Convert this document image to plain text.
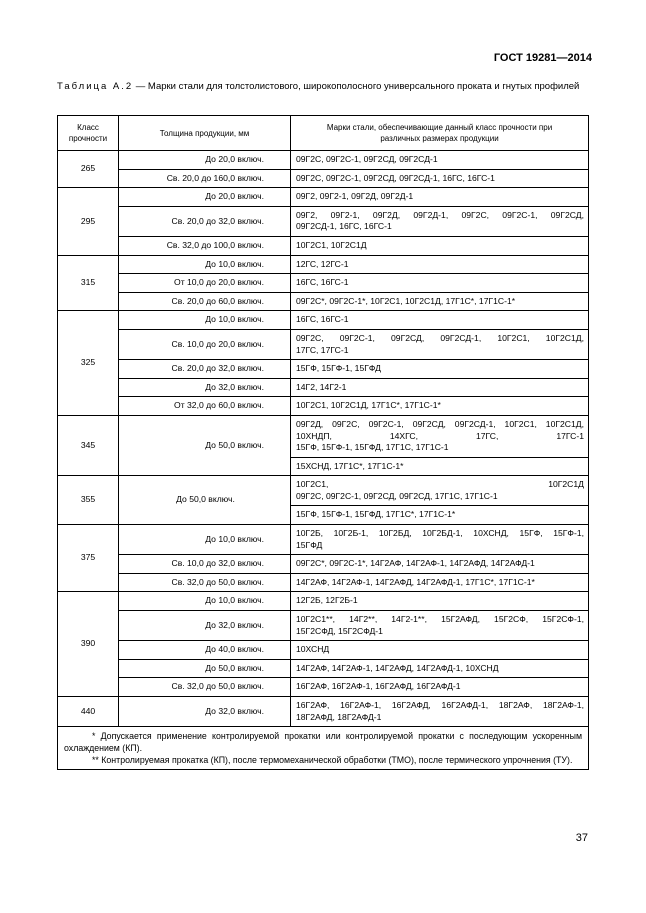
ГОСТ 19281—2014
Таблица А.2 — Марки стали для толстолистового, широкополосного универсального проката и гнутых профилей
Класс прочности	Толщина продукции, мм	Марки стали, обеспечивающие данный класс прочности при различных размерах продукции
265	До 20,0 включ.	09Г2С, 09Г2С-1, 09Г2СД, 09Г2СД-1

	Св. 20,0 до 160,0 включ.	09Г2С, 09Г2С-1, 09Г2СД, 09Г2СД-1, 16ГС, 16ГС-1

295	До 20,0 включ.	09Г2, 09Г2-1, 09Г2Д, 09Г2Д-1

	Св. 20,0 до 32,0 включ.	09Г2, 09Г2-1, 09Г2Д, 09Г2Д-1, 09Г2С, 09Г2С-1, 09Г2СД,
09Г2СД-1, 16ГС, 16ГС-1

	Св. 32,0 до 100,0 включ.	10Г2С1, 10Г2С1Д

315	До 10,0 включ.	12ГС, 12ГС-1

	От 10,0 до 20,0 включ.	16ГС, 16ГС-1

	Св. 20,0 до 60,0 включ.	09Г2С*, 09Г2С-1*, 10Г2С1, 10Г2С1Д, 17Г1С*, 17Г1С-1*

325	До 10,0 включ.	16ГС, 16ГС-1

	Св. 10,0 до 20,0 включ.	09Г2С, 09Г2С-1, 09Г2СД, 09Г2СД-1, 10Г2С1, 10Г2С1Д,
17ГС, 17ГС-1

	Св. 20,0 до 32,0 включ.	15ГФ, 15ГФ-1, 15ГФД

	До 32,0 включ.	14Г2, 14Г2-1

	От 32,0 до 60,0 включ.	10Г2С1, 10Г2С1Д, 17Г1С*, 17Г1С-1*

345	До 50,0 включ.	09Г2Д, 09Г2С, 09Г2С-1, 09Г2СД, 09Г2СД-1, 10Г2С1, 10Г2С1Д,
10ХНДП, 14ХГС, 17ГС, 17ГС-1
15ГФ, 15ГФ-1, 15ГФД, 17Г1С, 17Г1С-1

		15ХСНД, 17Г1С*, 17Г1С-1*

355	До 50,0 включ.	10Г2С1, 10Г2С1Д
09Г2С, 09Г2С-1, 09Г2СД, 09Г2СД, 17Г1С, 17Г1С-1

		15ГФ, 15ГФ-1, 15ГФД, 17Г1С*, 17Г1С-1*

375	До 10,0 включ.	10Г2Б, 10Г2Б-1, 10Г2БД, 10Г2БД-1, 10ХСНД, 15ГФ, 15ГФ-1,
15ГФД

	Св. 10,0 до 32,0 включ.	09Г2С*, 09Г2С-1*, 14Г2АФ, 14Г2АФ-1, 14Г2АФД, 14Г2АФД-1

	Св. 32,0 до 50,0 включ.	14Г2АФ, 14Г2АФ-1, 14Г2АФД, 14Г2АФД-1, 17Г1С*, 17Г1С-1*

390	До 10,0 включ.	12Г2Б, 12Г2Б-1

	До 32,0 включ.	10Г2С1**, 14Г2**, 14Г2-1**, 15Г2АФД, 15Г2СФ, 15Г2СФ-1,
15Г2СФД, 15Г2СФД-1

	До 40,0 включ.	10ХСНД

	До 50,0 включ.	14Г2АФ, 14Г2АФ-1, 14Г2АФД, 14Г2АФД-1, 10ХСНД

	Св. 32,0 до 50,0 включ.	16Г2АФ, 16Г2АФ-1, 16Г2АФД, 16Г2АФД-1

440	До 32,0 включ.	16Г2АФ, 16Г2АФ-1, 16Г2АФД, 16Г2АФД-1, 18Г2АФ, 18Г2АФ-1,
18Г2АФД, 18Г2АФД-1

* Допускается применение контролируемой прокатки или контролируемой прокатки с последующим ускоренным охлаждением (КП).

** Контролируемая прокатка (КП), после термомеханической обработки (ТМО), после термического упрочнения (ТУ).		

37
